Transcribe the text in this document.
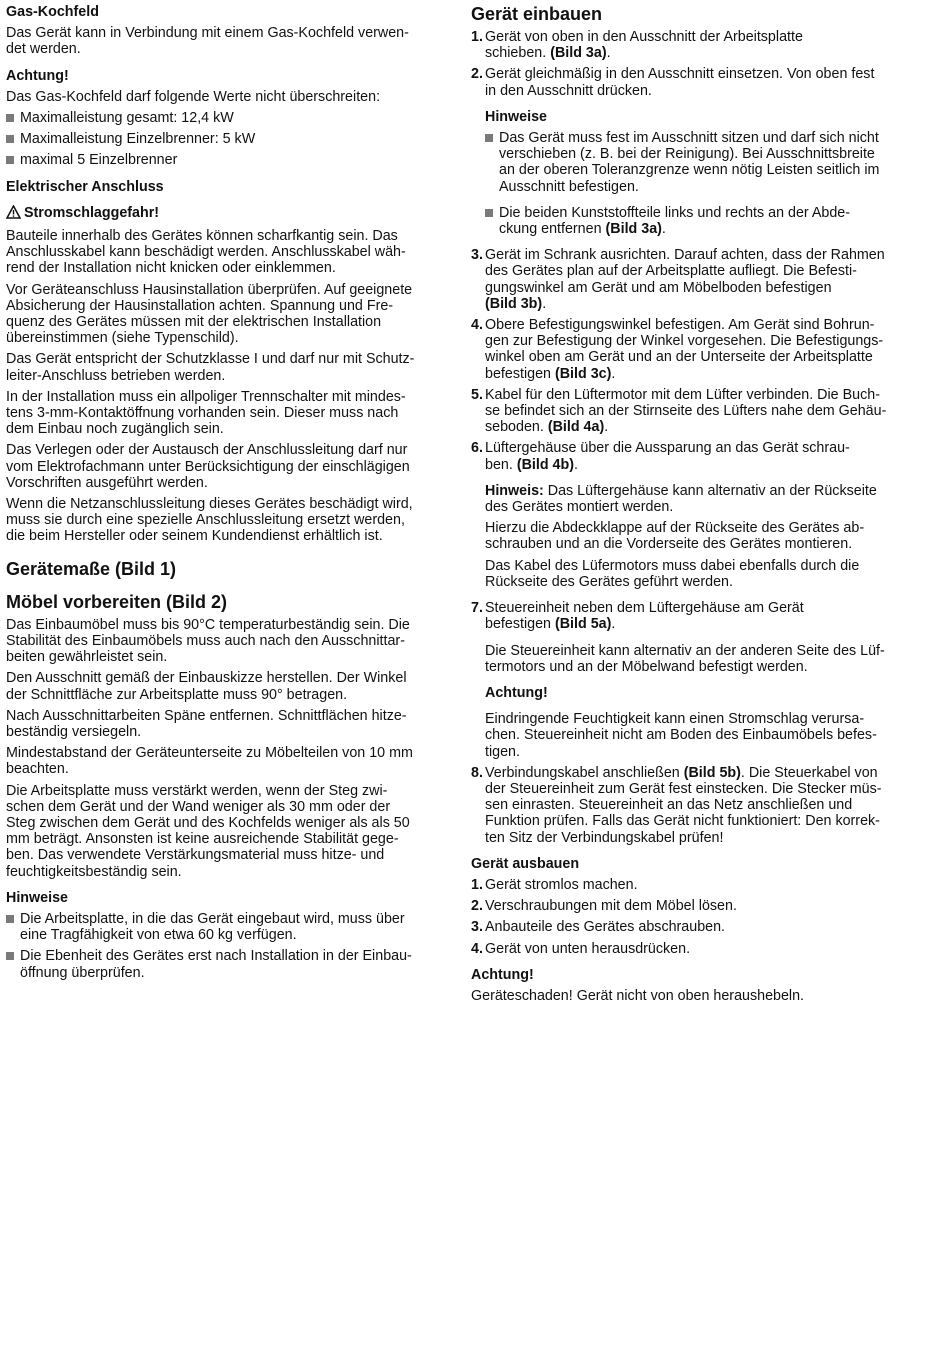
Gas-Kochfeld

Das Gerät kann in Verbindung mit einem Gas-Kochfeld verwen-
det werden.

Achtung!

Das Gas-Kochfeld darf folgende Werte nicht überschreiten:

Maximalleistung gesamt: 12,4 kW

Maximalleistung Einzelbrenner: 5 kW

maximal 5 Einzelbrenner

Elektrischer Anschluss
Stromschlaggefahr!

Bauteile innerhalb des Gerätes können scharfkantig sein. Das
Anschlusskabel kann beschädigt werden. Anschlusskabel wäh-
rend der Installation nicht knicken oder einklemmen.

Vor Geräteanschluss Hausinstallation überprüfen. Auf geeignete
Absicherung der Hausinstallation achten. Spannung und Fre-
quenz des Gerätes müssen mit der elektrischen Installation
übereinstimmen (siehe Typenschild).

Das Gerät entspricht der Schutzklasse I und darf nur mit Schutz-
leiter-Anschluss betrieben werden.

In der Installation muss ein allpoliger Trennschalter mit mindes-
tens 3-mm-Kontaktöffnung vorhanden sein. Dieser muss nach
dem Einbau noch zugänglich sein.

Das Verlegen oder der Austausch der Anschlussleitung darf nur
vom Elektrofachmann unter Berücksichtigung der einschlägigen
Vorschriften ausgeführt werden.

Wenn die Netzanschlussleitung dieses Gerätes beschädigt wird,
muss sie durch eine spezielle Anschlussleitung ersetzt werden,
die beim Hersteller oder seinem Kundendienst erhältlich ist.

Gerätemaße (Bild 1)
Möbel vorbereiten (Bild 2)

Das Einbaumöbel muss bis 90°C temperaturbeständig sein. Die
Stabilität des Einbaumöbels muss auch nach den Ausschnittar-
beiten gewährleistet sein.

Den Ausschnitt gemäß der Einbauskizze herstellen. Der Winkel
der Schnittfläche zur Arbeitsplatte muss 90° betragen.

Nach Ausschnittarbeiten Späne entfernen. Schnittflächen hitze-
beständig versiegeln.

Mindestabstand der Geräteunterseite zu Möbelteilen von 10 mm
beachten.

Die Arbeitsplatte muss verstärkt werden, wenn der Steg zwi-
schen dem Gerät und der Wand weniger als 30 mm oder der
Steg zwischen dem Gerät und des Kochfelds weniger als als 50
mm beträgt. Ansonsten ist keine ausreichende Stabilität gege-
ben. Das verwendete Verstärkungsmaterial muss hitze- und
feuchtigkeitsbeständig sein.

Hinweise

Die Arbeitsplatte, in die das Gerät eingebaut wird, muss über
eine Tragfähigkeit von etwa 60 kg verfügen.

Die Ebenheit des Gerätes erst nach Installation in der Einbau-
öffnung überprüfen.

Gerät einbauen

1. Gerät von oben in den Ausschnitt der Arbeitsplatte
schieben. (Bild 3a).

2. Gerät gleichmäßig in den Ausschnitt einsetzen. Von oben fest
in den Ausschnitt drücken.

Hinweise

Das Gerät muss fest im Ausschnitt sitzen und darf sich nicht
verschieben (z. B. bei der Reinigung). Bei Ausschnittsbreite
an der oberen Toleranzgrenze wenn nötig Leisten seitlich im
Ausschnitt befestigen.

Die beiden Kunststoffteile links und rechts an der Abde-
ckung entfernen (Bild 3a).

3. Gerät im Schrank ausrichten. Darauf achten, dass der Rahmen
des Gerätes plan auf der Arbeitsplatte aufliegt. Die Befesti-
gungswinkel am Gerät und am Möbelboden befestigen
(Bild 3b).

4. Obere Befestigungswinkel befestigen. Am Gerät sind Bohrun-
gen zur Befestigung der Winkel vorgesehen. Die Befestigungs-
winkel oben am Gerät und an der Unterseite der Arbeitsplatte
befestigen (Bild 3c).

5. Kabel für den Lüftermotor mit dem Lüfter verbinden. Die Buch-
se befindet sich an der Stirnseite des Lüfters nahe dem Gehäu-
seboden. (Bild 4a).

6. Lüftergehäuse über die Aussparung an das Gerät schrau-
ben. (Bild 4b).

Hinweis: Das Lüftergehäuse kann alternativ an der Rückseite
des Gerätes montiert werden.

Hierzu die Abdeckklappe auf der Rückseite des Gerätes ab-
schrauben und an die Vorderseite des Gerätes montieren.

Das Kabel des Lüfermotors muss dabei ebenfalls durch die
Rückseite des Gerätes geführt werden.

7. Steuereinheit neben dem Lüftergehäuse am Gerät
befestigen (Bild 5a).

Die Steuereinheit kann alternativ an der anderen Seite des Lüf-
termotors und an der Möbelwand befestigt werden.

Achtung!

Eindringende Feuchtigkeit kann einen Stromschlag verursa-
chen. Steuereinheit nicht am Boden des Einbaumöbels befes-
tigen.

8. Verbindungskabel anschließen (Bild 5b). Die Steuerkabel von
der Steuereinheit zum Gerät fest einstecken. Die Stecker müs-
sen einrasten. Steuereinheit an das Netz anschließen und
Funktion prüfen. Falls das Gerät nicht funktioniert: Den korrek-
ten Sitz der Verbindungskabel prüfen!

Gerät ausbauen

1. Gerät stromlos machen.

2. Verschraubungen mit dem Möbel lösen.

3. Anbauteile des Gerätes abschrauben.

4. Gerät von unten herausdrücken.

Achtung!

Geräteschaden! Gerät nicht von oben heraushebeln.
